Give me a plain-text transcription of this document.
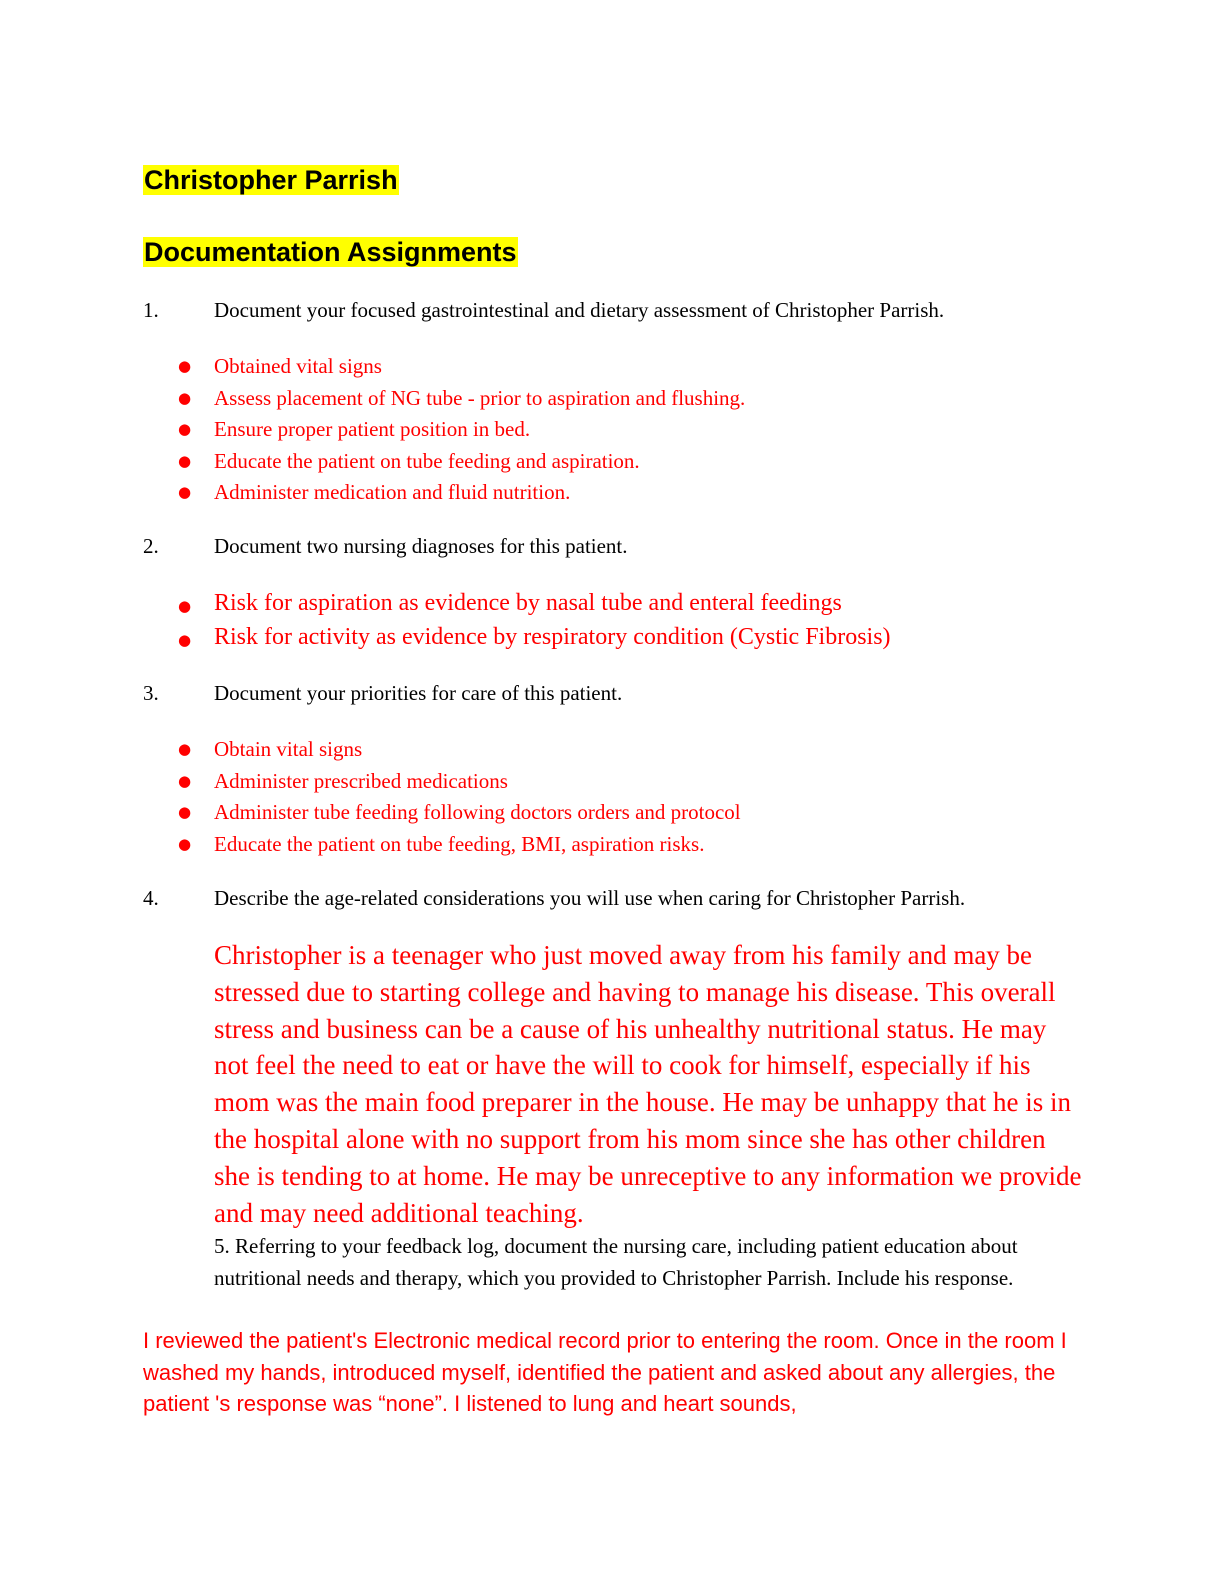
Christopher Parrish
Documentation Assignments
1.	Document your focused gastrointestinal and dietary assessment of Christopher Parrish.
● Obtained vital signs
● Assess placement of NG tube - prior to aspiration and flushing.
● Ensure proper patient position in bed.
● Educate the patient on tube feeding and aspiration.
● Administer medication and fluid nutrition.
2.	Document two nursing diagnoses for this patient.
● Risk for aspiration as evidence by nasal tube and enteral feedings
● Risk for activity as evidence by respiratory condition (Cystic Fibrosis)
3.	Document your priorities for care of this patient.
● Obtain vital signs
● Administer prescribed medications
● Administer tube feeding following doctors orders and protocol
● Educate the patient on tube feeding, BMI, aspiration risks.
4.	Describe the age-related considerations you will use when caring for Christopher Parrish.

Christopher is a teenager who just moved away from his family and may be stressed due to starting college and having to manage his disease. This overall stress and business can be a cause of his unhealthy nutritional status. He may not feel the need to eat or have the will to cook for himself, especially if his mom was the main food preparer in the house. He may be unhappy that he is in the hospital alone with no support from his mom since she has other children she is tending to at home. He may be unreceptive to any information we provide and may need additional teaching.

5. Referring to your feedback log, document the nursing care, including patient education about nutritional needs and therapy, which you provided to Christopher Parrish. Include his response.

I reviewed the patient's Electronic medical record prior to entering the room. Once in the room I washed my hands, introduced myself, identified the patient and asked about any allergies, the patient 's response was “none”. I listened to lung and heart sounds,
